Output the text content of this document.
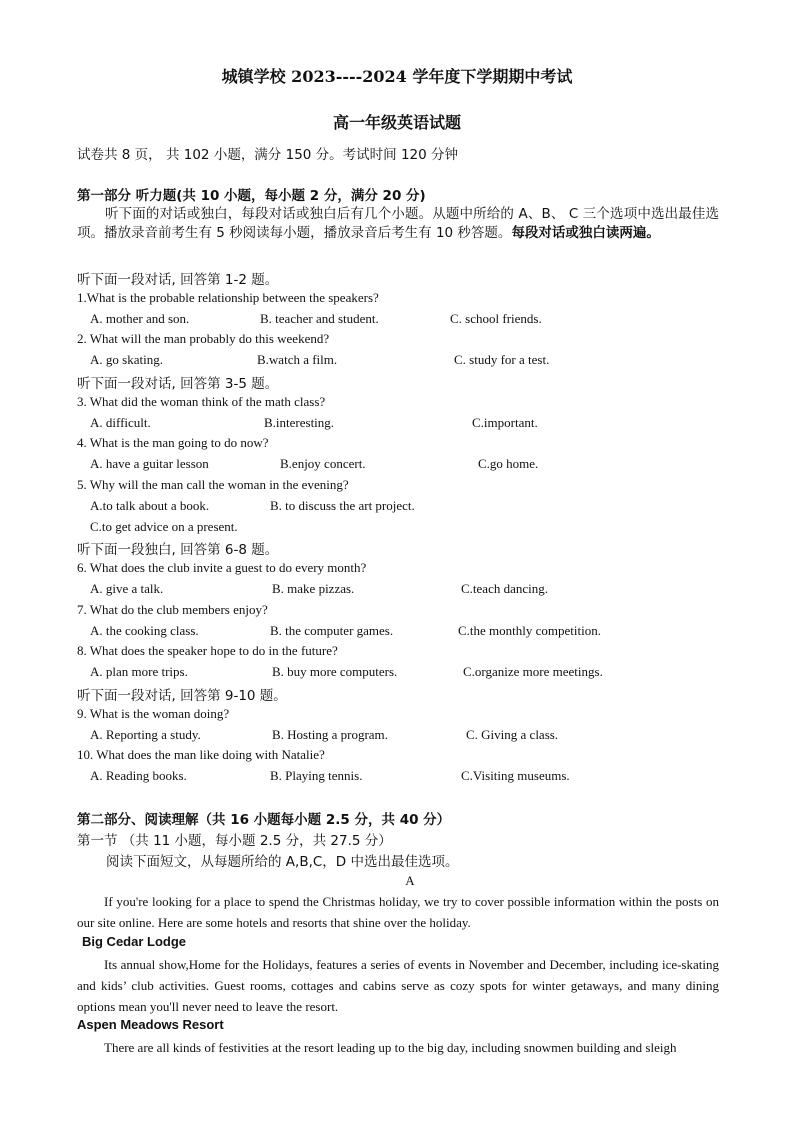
城镇学校 2023----2024 学年度下学期期中考试
高一年级英语试题
试卷共 8 页， 共 102 小题，满分 150 分。考试时间 120 分钟
第一部分 听力题(共 10 小题，每小题 2 分，满分 20 分)
听下面的对话或独白，每段对话或独白后有几个小题。从题中所给的 A、B、 C 三个选项中选出最佳选项。播放录音前考生有 5 秒阅读每小题，播放录音后考生有 10 秒答题。每段对话或独白读两遍。
听下面一段对话, 回答第 1-2 题。
1.What is the probable relationship between the speakers?
A. mother and son.	B. teacher and student.	C. school friends.
2. What will the man probably do this weekend?
A. go skating.	B.watch a film.	C. study for a test.
听下面一段对话, 回答第 3-5 题。
3. What did the woman think of the math class?
A. difficult.	B.interesting.	C.important.
4. What is the man going to do now?
A. have a guitar lesson	B.enjoy concert.	C.go home.
5. Why will the man call the woman in the evening?
A.to talk about a book.	B. to discuss the art project.
C.to get advice on a present.
听下面一段独白, 回答第 6-8 题。
6. What does the club invite a guest to do every month?
A. give a talk.	B. make pizzas.	C.teach dancing.
7. What do the club members enjoy?
A. the cooking class.	B. the computer games.	C.the monthly competition.
8. What does the speaker hope to do in the future?
A. plan more trips.	B. buy more computers.	C.organize more meetings.
听下面一段对话, 回答第 9-10 题。
9. What is the woman doing?
A. Reporting a study.	B. Hosting a program.	C. Giving a class.
10. What does the man like doing with Natalie?
A. Reading books.	B. Playing tennis.	C.Visiting museums.
第二部分、阅读理解（共 16 小题每小题 2.5 分，共 40 分）
第一节 （共 11 小题，每小题 2.5 分，共 27.5 分）
阅读下面短文，从每题所给的 A,B,C，D 中选出最佳选项。
A
If you're looking for a place to spend the Christmas holiday, we try to cover possible information within the posts on our site online. Here are some hotels and resorts that shine over the holiday.
Big Cedar Lodge
Its annual show,Home for the Holidays, features a series of events in November and December, including ice-skating and kids’ club activities. Guest rooms, cottages and cabins serve as cozy spots for winter getaways, and many dining options mean you'll never need to leave the resort.
Aspen Meadows Resort
There are all kinds of festivities at the resort leading up to the big day, including snowmen building and sleigh
